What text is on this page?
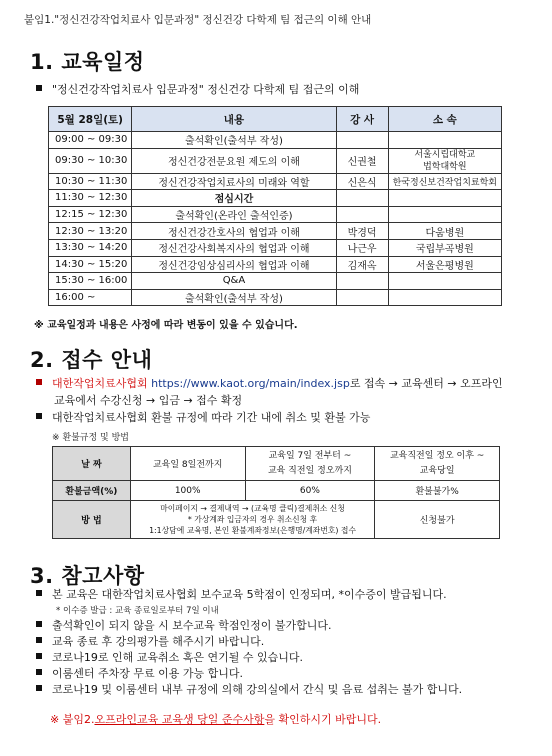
붙임1."정신건강작업치료사 입문과정" 정신건강 다학제 팀 접근의 이해 안내
1. 교육일정
"정신건강작업치료사 입문과정" 정신건강 다학제 팀 접근의 이해
5월 28일(토)	내용	강 사	소 속
09:00 ~ 09:30	출석확인(출석부 작성)		
09:30 ~ 10:30	정신건강전문요원 제도의 이해	신권철	서울시립대학교
법학대학원
10:30 ~ 11:30	정신건강작업치료사의 미래와 역할	신은식	한국정신보건작업치료학회
11:30 ~ 12:30	점심시간		
12:15 ~ 12:30	출석확인(온라인 출석인증)		
12:30 ~ 13:20	정신건강간호사의 협업과 이해	박경덕	다움병원
13:30 ~ 14:20	정신건강사회복지사의 협업과 이해	나근우	국립부곡병원
14:30 ~ 15:20	정신건강임상심리사의 협업과 이해	김재옥	서울은평병원
15:30 ~ 16:00	Q&A		
16:00 ~	출석확인(출석부 작성)		
※ 교육일정과 내용은 사정에 따라 변동이 있을 수 있습니다.
2. 접수 안내
대한작업치료사협회 https://www.kaot.org/main/index.jsp로 접속 → 교육센터 → 오프라인
교육에서 수강신청 → 입금 → 접수 확정
대한작업치료사협회 환불 규정에 따라 기간 내에 취소 및 환불 가능
※ 환불규정 및 방법
날 짜	교육일 8일전까지	교육일 7일 전부터 ~
교육 직전일 정오까지	교육직전일 정오 이후 ~
교육당일
환불금액(%)	100%	60%	환불불가%
방 법	마이페이지 → 결제내역 → (교육명 클릭)결제취소 신청
* 가상계좌 입금자의 경우 취소신청 후
1:1상담에 교육명, 본인 환불계좌정보(은행명/계좌번호) 접수		신청불가
3. 참고사항
본 교육은 대한작업치료사협회 보수교육 5학점이 인정되며, *이수증이 발급됩니다.
* 이수증 발급 : 교육 종료일로부터 7일 이내
출석확인이 되지 않을 시 보수교육 학점인정이 불가합니다.
교육 종료 후 강의평가를 해주시기 바랍니다.
코로나19로 인해 교육취소 혹은 연기될 수 있습니다.
이룸센터 주차장 무료 이용 가능 합니다.
코로나19 및 이룸센터 내부 규정에 의해 강의실에서 간식 및 음료 섭취는 불가 합니다.
※ 붙임2.오프라인교육 교육생 당일 준수사항을 확인하시기 바랍니다.
